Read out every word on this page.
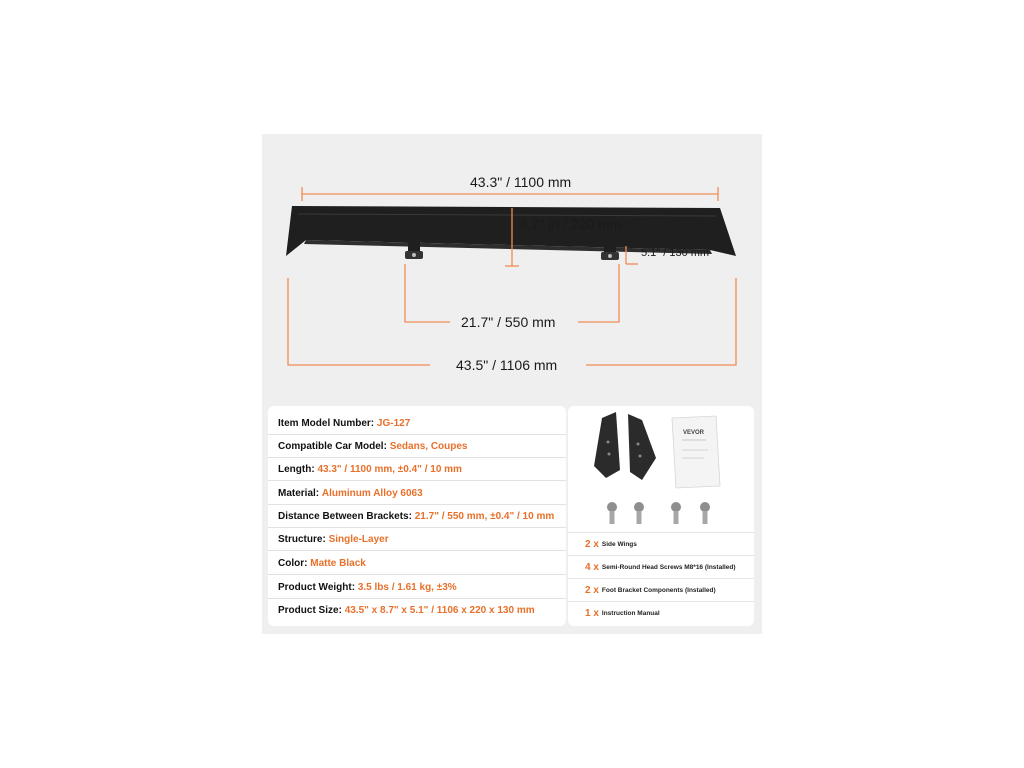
43.3" / 1100 mm
8.7" in / 220 mm
5.1" / 130 mm
21.7" / 550 mm
43.5" / 1106 mm
Item Model Number: JG-127
Compatible Car Model: Sedans, Coupes
Length: 43.3" / 1100 mm, ±0.4" / 10 mm
Material: Aluminum Alloy 6063
Distance Between Brackets: 21.7" / 550 mm, ±0.4" / 10 mm
Structure: Single-Layer
Color: Matte Black
Product Weight: 3.5 lbs / 1.61 kg, ±3%
Product Size: 43.5" x 8.7" x 5.1" / 1106 x 220 x 130 mm
VEVOR
2 x Side Wings
4 x Semi-Round Head Screws M8*16 (Installed)
2 x Foot Bracket Components (Installed)
1 x Instruction Manual
